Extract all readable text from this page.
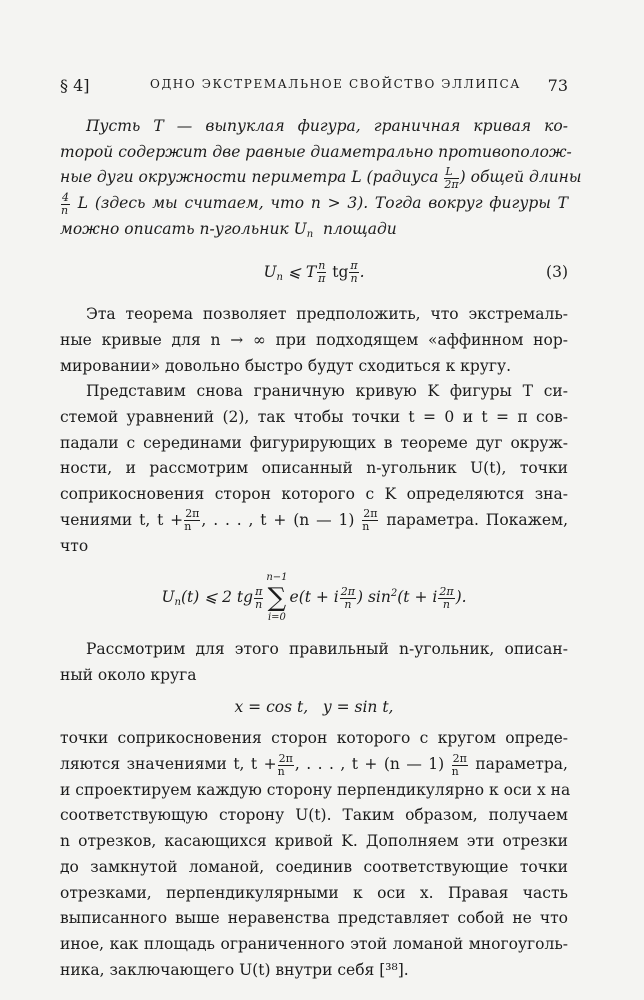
§ 4]	ОДНО ЭКСТРЕМАЛЬНОЕ СВОЙСТВО ЭЛЛИПСА 73
Пусть T — выпуклая фигура, граничная кривая ко-
торой содержит две равные диаметрально противополож-
ные дуги окружности периметра L (радиуса $\frac{L}{2\pi}$ ) общей длины
$\frac{4}{n}$ L (здесь мы считаем, что n > 3). Тогда вокруг фигуры T
можно описать n-угольник $U_n$ площади
$U_n$ ⩽ T $\frac{n}{\pi}$ tg $\frac{\pi}{n}$ .	(3)
Эта теорема позволяет предположить, что экстремаль-
ные кривые для n → ∞ при подходящем «аффинном нор-
мировании» довольно быстро будут сходиться к кругу.
Представим снова граничную кривую K фигуры T си-
стемой уравнений (2), так чтобы точки t = 0 и t = π сов-
падали с серединами фигурирующих в теореме дуг окруж-
ности, и рассмотрим описанный n-угольник U(t), точки
соприкосновения сторон которого с K определяются зна-
чениями t, $t + \frac{2\pi}{n}$ , . . . , t + (n — $1) \frac{2\pi}{n}$ параметра. Покажем,
что
$U_n(t)$ ⩽ 2 tg $\frac{\pi}{n}$
n−1
∑
i=0
e(t + i $\frac{2\pi}{n}$ ) $\sin^2(t + i \frac{2\pi}{n}$ ).
Рассмотрим для этого правильный n-угольник, описан-
ный около круга
x = cos t,   y = sin t,
точки соприкосновения сторон которого с кругом опреде-
ляются значениями t, $t + \frac{2\pi}{n}$ , . . . , t + (n — $1) \frac{2\pi}{n}$ параметра,
и спроектируем каждую сторону перпендикулярно к оси x на
соответствующую сторону U(t). Таким образом, получаем
n отрезков, касающихся кривой K. Дополняем эти отрезки
до замкнутой ломаной, соединив соответствующие точки
отрезками, перпендикулярными к оси x. Правая часть
выписанного выше неравенства представляет собой не что
иное, как площадь ограниченного этой ломаной многоуголь-
ника, заключающего U(t) внутри себя [³⁸].
